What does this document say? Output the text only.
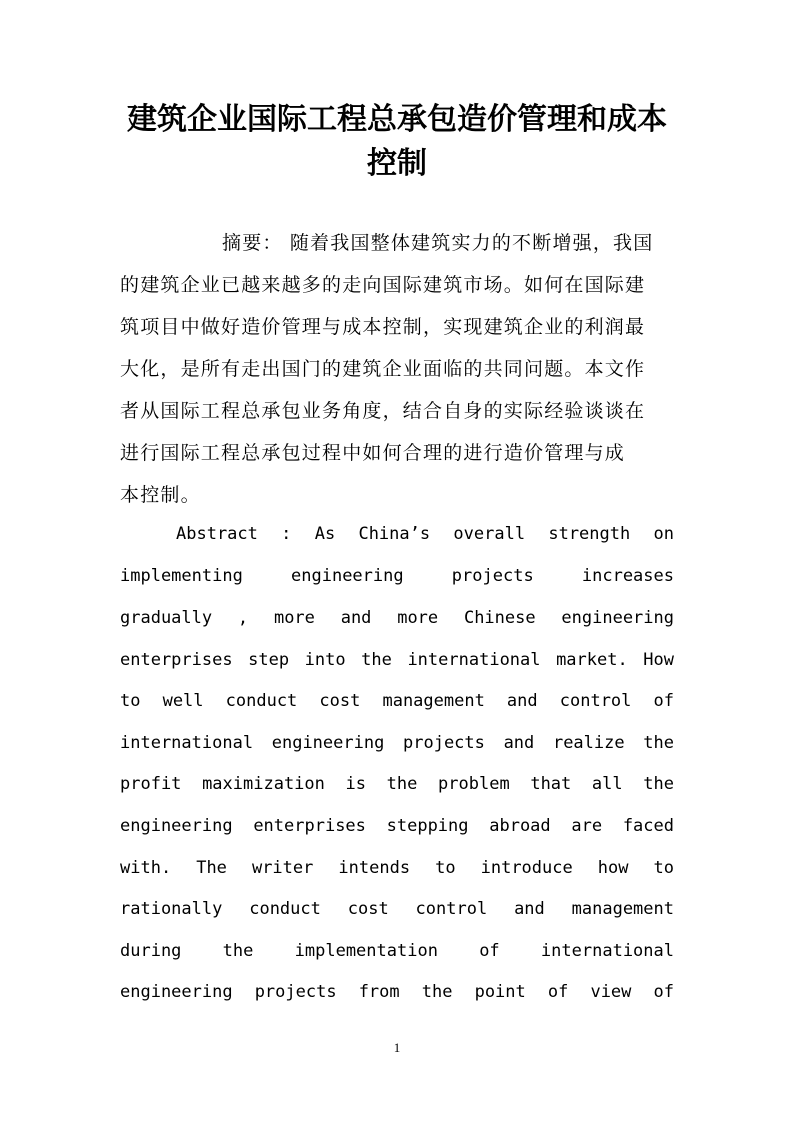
建筑企业国际工程总承包造价管理和成本
控制
摘要： 随着我国整体建筑实力的不断增强，我国
的建筑企业已越来越多的走向国际建筑市场。如何在国际建
筑项目中做好造价管理与成本控制，实现建筑企业的利润最
大化，是所有走出国门的建筑企业面临的共同问题。本文作
者从国际工程总承包业务角度，结合自身的实际经验谈谈在
进行国际工程总承包过程中如何合理的进行造价管理与成
本控制。
Abstract : As China’s overall strength on
implementing engineering projects increases
gradually , more and more Chinese engineering
enterprises step into the international market. How
to well conduct cost management and control of
international engineering projects and realize the
profit maximization is the problem that all the
engineering enterprises stepping abroad are faced
with. The writer intends to introduce how to
rationally conduct cost control and management
during the implementation of international
engineering projects from the point of view of
1
